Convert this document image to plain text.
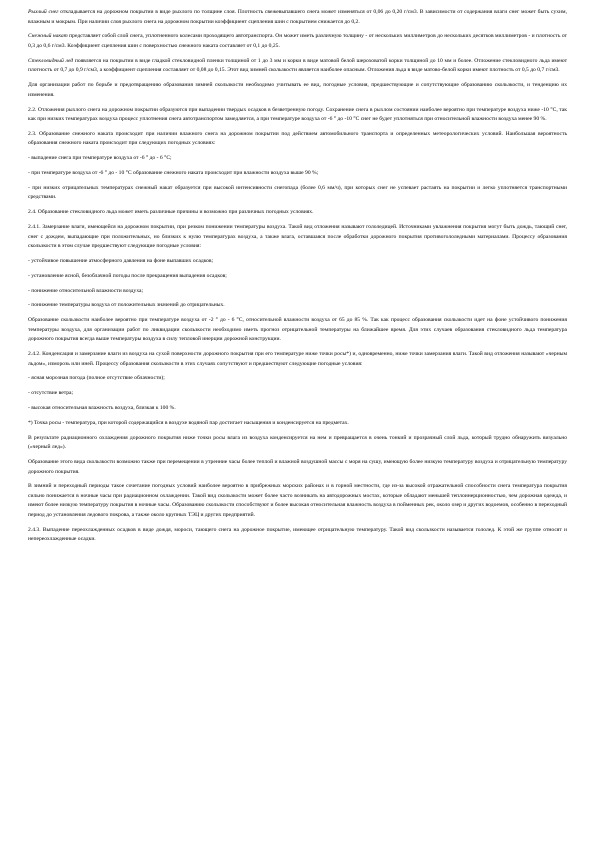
Рыхлый снег откладывается на дорожном покрытии в виде рыхлого по толщине слоя. Плотность свежевыпавшего снега может изменяться от 0,06 до 0,20 г/см3. В зависимости от содержания влаги снег может быть сухим, влажным и мокрым. При наличии слоя рыхлого снега на дорожном покрытии коэффициент сцепления шин с покрытием снижается до 0,2.

Снежный накат представляет собой слой снега, уплотненного колесами проходящего автотранспорта. Он может иметь различную толщину - от нескольких миллиметров до нескольких десятков миллиметров - и плотность от 0,3 до 0,6 г/см3. Коэффициент сцепления шин с поверхностью снежного наката составляет от 0,1 до 0,25.

Стекловидный лед появляется на покрытии в виде гладкой стекловидной пленки толщиной от 1 до 3 мм и корки в виде матовой белой шероховатой корки толщиной до 10 мм и более. Отложение стекловидного льда имеют плотность от 0,7 до 0,9 г/см3, а коэффициент сцепления составляет от 0,08 до 0,15. Этот вид зимней скользкости является наиболее опасным. Отложения льда в виде матово-белой корки имеют плотность от 0,5 до 0,7 г/см3.

Для организации работ по борьбе и предотвращению образования зимней скользкости необходимо учитывать ее вид, погодные условия, предшествующие и сопутствующие образованию скользкости, и тенденцию их изменения.

2.2. Отложения рыхлого снега на дорожном покрытии образуются при выпадении твердых осадков в безветренную погоду. Сохранение снега в рыхлом состоянии наиболее вероятно при температуре воздуха ниже -10 °С, так как при низких температурах воздуха процесс уплотнения снега автотранспортом замедляется, а при температуре воздуха от -6 ° до -10 °С снег не будет уплотняться при относительной влажности воздуха менее 90 %.

2.3. Образование снежного наката происходит при наличии влажного снега на дорожном покрытии под действием автомобильного транспорта и определенных метеорологических условий. Наибольшая вероятность образования снежного наката происходит при следующих погодных условиях:

- выпадение снега при температуре воздуха от -6 ° до - 6 °С;

- при температуре воздуха от -6 ° до - 10 °С образование снежного наката происходит при влажности воздуха выше 90 %;

- при низких отрицательных температурах снежный накат образуется при высокой интенсивности снегопада (более 0,6 мм/ч), при которых снег не успевает растаять на покрытии и легко уплотняется транспортными средствами.

2.4. Образование стекловидного льда может иметь различные причины и возможно при различных погодных условиях.

2.4.1. Замерзание влаги, имеющейся на дорожном покрытии, при резком понижении температуры воздуха. Такой вид отложения называют гололедицей. Источниками увлажнения покрытия могут быть дождь, тающий снег, снег с дождем, выпадающие при положительных, но близких к нулю температурах воздуха, а также влага, оставшаяся после обработки дорожного покрытия противогололедными материалами. Процессу образования скользкости в этом случае предшествуют следующие погодные условия:

- устойчивое повышение атмосферного давления на фоне выпавших осадков;

- установление ясной, безоблачной погоды после прекращения выпадения осадков;

- понижение относительной влажности воздуха;

- понижение температуры воздуха от положительных значений до отрицательных.

Образование скользкости наиболее вероятно при температуре воздуха от -2 ° до - 6 °С, относительной влажности воздуха от 65 до 85 %. Так как процесс образования скользкости идет на фоне устойчивого понижения температуры воздуха, для организации работ по ликвидации скользкости необходимо иметь прогноз отрицательной температуры на ближайшее время. Для этих случаев образования стекловидного льда температура дорожного покрытия всегда выше температуры воздуха в силу тепловой инерции дорожной конструкции.

2.4.2. Конденсация и замерзание влаги из воздуха на сухой поверхности дорожного покрытия при его температуре ниже точки росы*) и, одновременно, ниже точки замерзания влаги. Такой вид отложения называют «черным льдом», изморозь или иней. Процессу образования скользкости в этих случаях сопутствуют и предшествуют следующие погодные условия:

- ясная морозная погода (полное отсутствие облачности);

- отсутствие ветра;

- высокая относительная влажность воздуха, близкая к 100 %.

*) Точка росы - температура, при которой содержащийся в воздухе водяной пар достигает насыщения и конденсируется на предметах.

В результате радиационного охлаждения дорожного покрытия ниже точки росы влага из воздуха конденсируется на нем и превращается в очень тонкий и прозрачный слой льда, который трудно обнаружить визуально («черный лед»).

Образование этого вида скользкости возможно также при перемещении в утренние часы более теплой и влажной воздушной массы с моря на сушу, имеющую более низкую температуру воздуха и отрицательную температуру дорожного покрытия.

В зимний и переходный периоды такое сочетание погодных условий наиболее вероятно в прибрежных морских районах и в горной местности, где из-за высокой отражательной способности снега температура покрытия сильно понижается в ночные часы при радиационном охлаждении. Такой вид скользкости может более часто возникать на автодорожных мостах, которые обладают меньшей теплоинерционностью, чем дорожная одежда, и имеют более низкую температуру покрытия в ночные часы. Образованию скользкости способствуют и более высокая относительная влажность воздуха в пойменных рек, около озер и других водоемов, особенно в переходный период до установления ледового покрова, а также около крупных ТЭЦ и других предприятий.

2.4.3. Выпадение переохлажденных осадков в виде дождя, мороси, тающего снега на дорожное покрытие, имеющее отрицательную температуру. Такой вид скользкости называется гололед. К этой же группе относят и непереохлажденные осадки.
